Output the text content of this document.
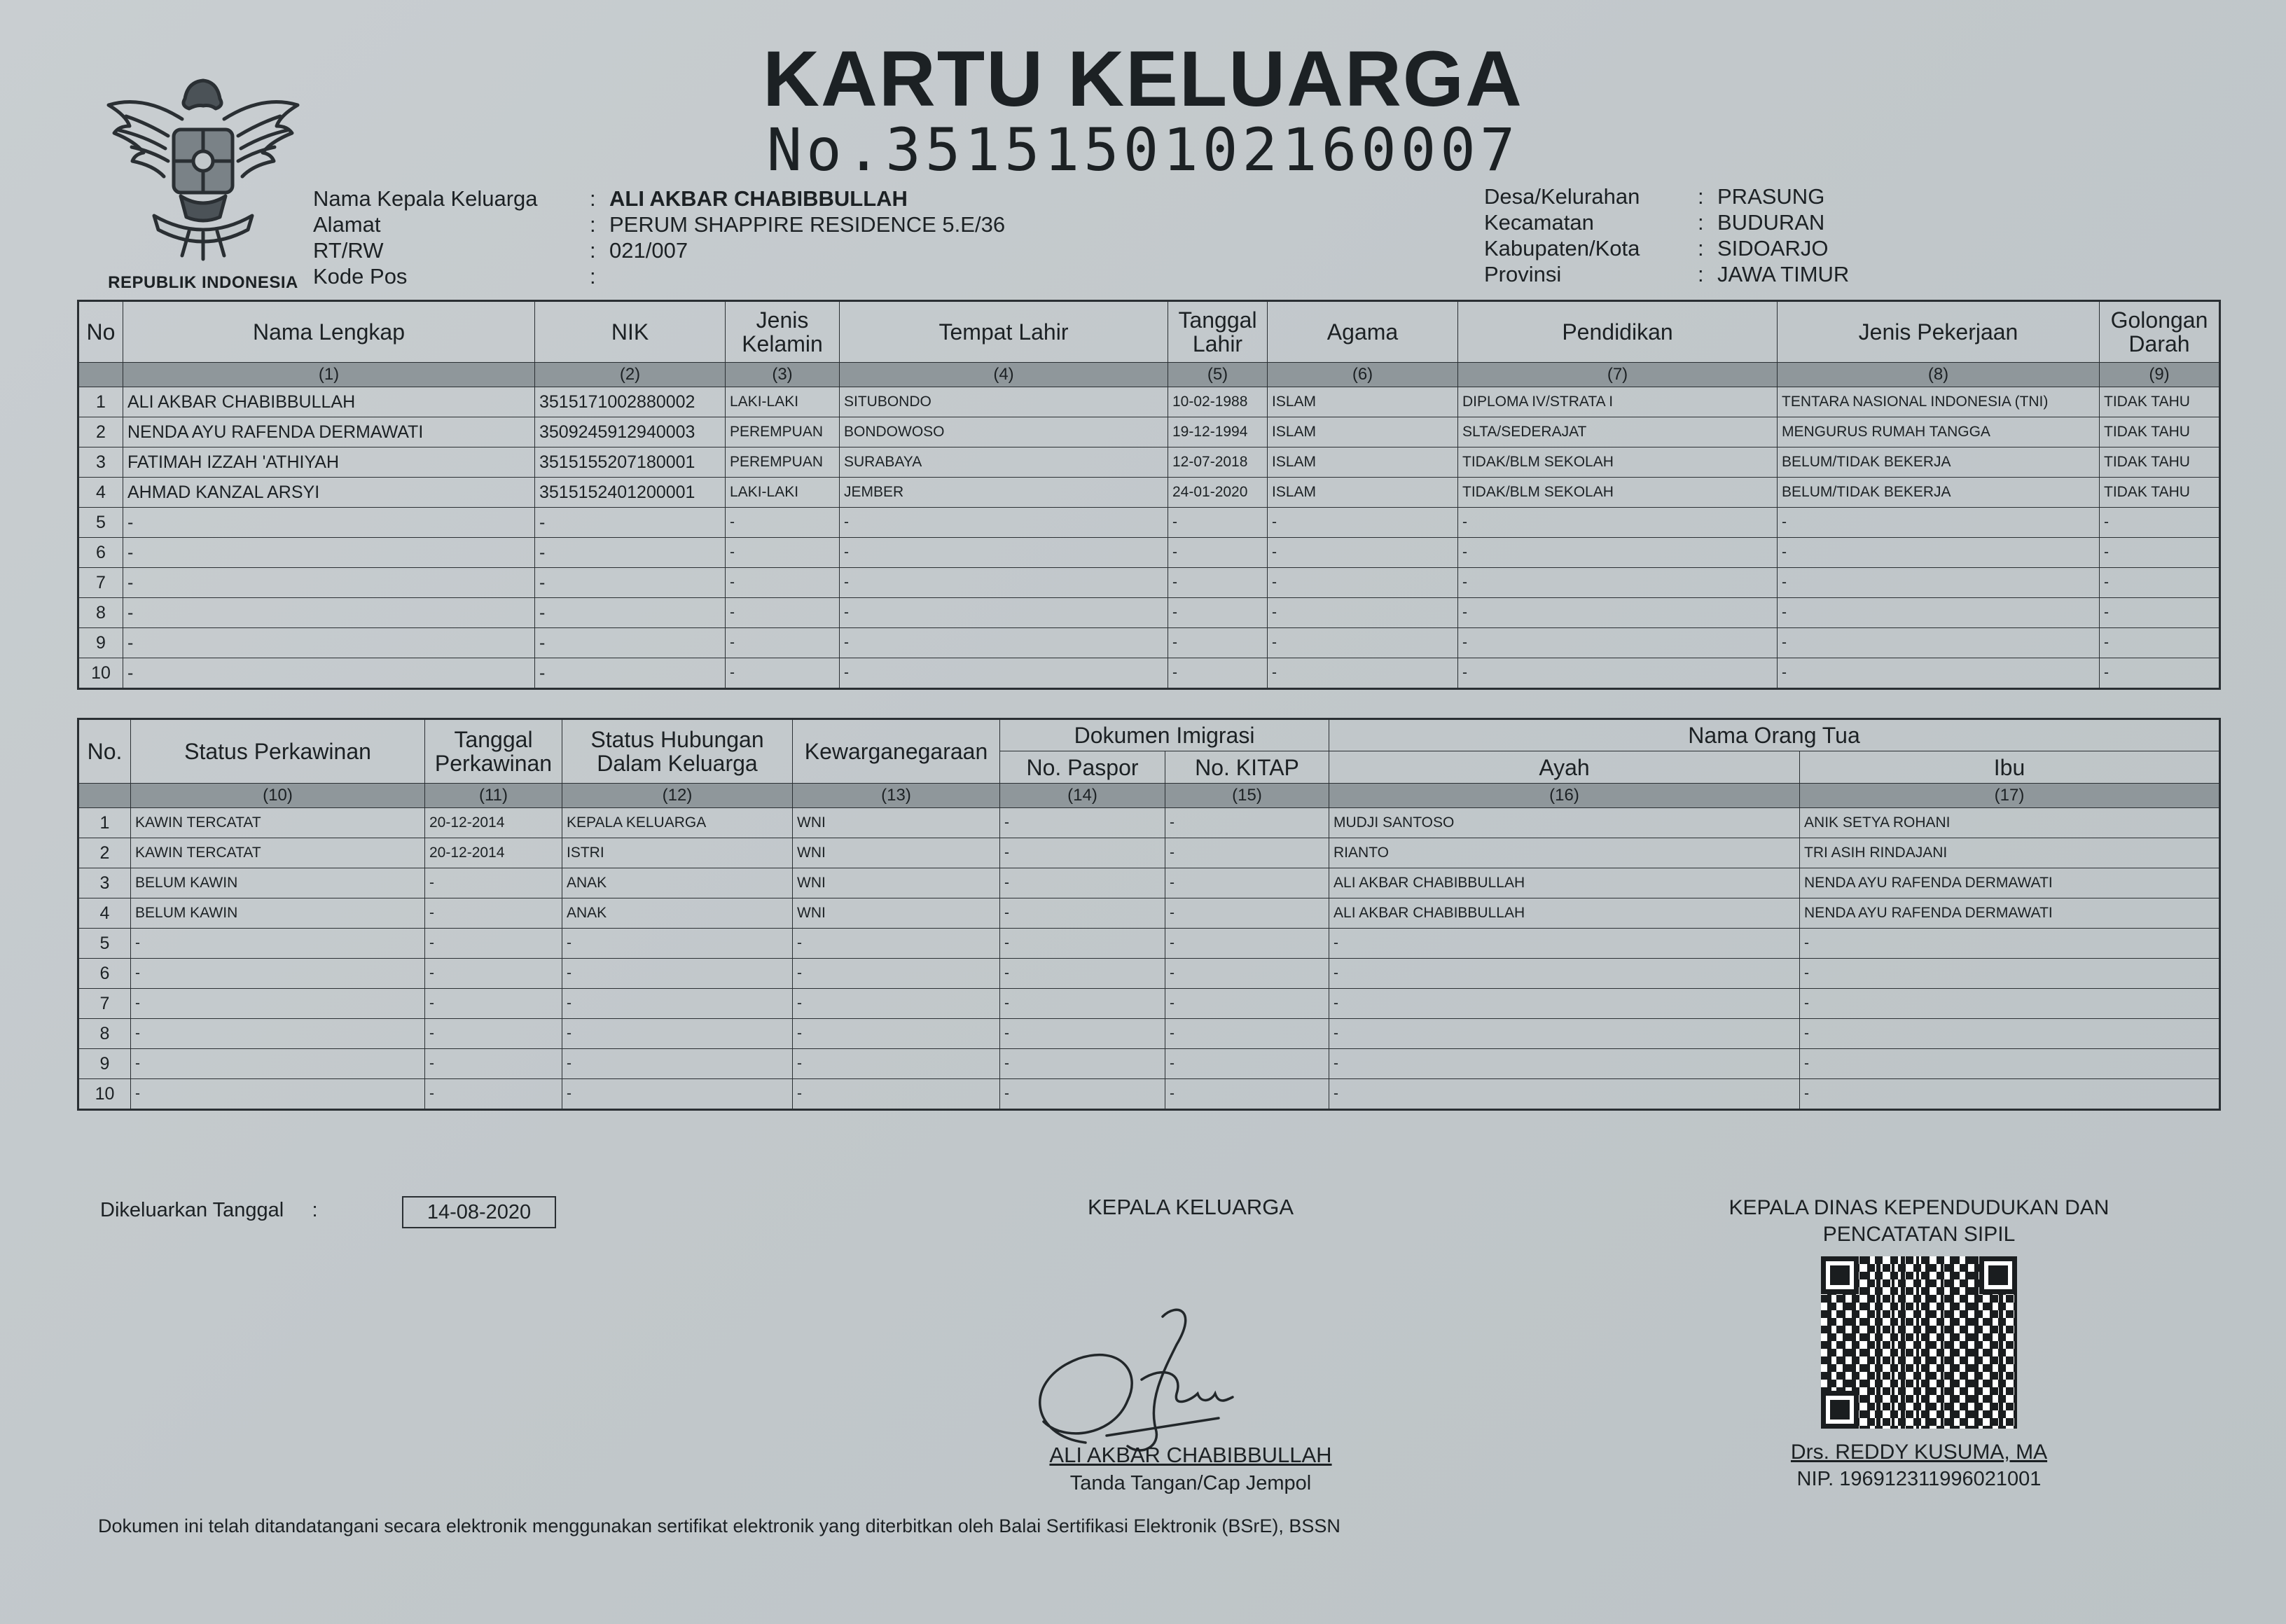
REPUBLIK INDONESIA
KARTU KELUARGA
No.3515150102160007
Nama Kepala Keluarga : ALI AKBAR CHABIBBULLAH
Alamat	: PERUM SHAPPIRE RESIDENCE 5.E/36
RT/RW	: 021/007
Kode Pos	:
Desa/Kelurahan	: PRASUNG
Kecamatan	: BUDURAN
Kabupaten/Kota	: SIDOARJO
Provinsi	: JAWA TIMUR
No	Nama Lengkap	NIK	Jenis Kelamin	Tempat Lahir	Tanggal Lahir	Agama	Pendidikan	Jenis Pekerjaan	Golongan Darah
	(1)	(2)	(3)	(4)	(5)	(6)	(7)	(8)	(9)
1	ALI AKBAR CHABIBBULLAH	3515171002880002	LAKI-LAKI	SITUBONDO	10-02-1988	ISLAM	DIPLOMA IV/STRATA I	TENTARA NASIONAL INDONESIA (TNI)	TIDAK TAHU
2	NENDA AYU RAFENDA DERMAWATI	3509245912940003	PEREMPUAN	BONDOWOSO	19-12-1994	ISLAM	SLTA/SEDERAJAT	MENGURUS RUMAH TANGGA	TIDAK TAHU
3	FATIMAH IZZAH 'ATHIYAH	3515155207180001	PEREMPUAN	SURABAYA	12-07-2018	ISLAM	TIDAK/BLM SEKOLAH	BELUM/TIDAK BEKERJA	TIDAK TAHU
4	AHMAD KANZAL ARSYI	3515152401200001	LAKI-LAKI	JEMBER	24-01-2020	ISLAM	TIDAK/BLM SEKOLAH	BELUM/TIDAK BEKERJA	TIDAK TAHU
5	-	-	-	-	-	-	-	-	-
6	-	-	-	-	-	-	-	-	-
7	-	-	-	-	-	-	-	-	-
8	-	-	-	-	-	-	-	-	-
9	-	-	-	-	-	-	-	-	-
10	-	-	-	-	-	-	-	-	-
No.	Status Perkawinan	Tanggal Perkawinan	Status Hubungan Dalam Keluarga	Kewarganegaraan	Dokumen Imigrasi		Nama Orang Tua	
					No. Paspor	No. KITAP	Ayah	Ibu
	(10)	(11)	(12)	(13)	(14)	(15)	(16)	(17)
1	KAWIN TERCATAT	20-12-2014	KEPALA KELUARGA	WNI	-	-	MUDJI SANTOSO	ANIK SETYA ROHANI
2	KAWIN TERCATAT	20-12-2014	ISTRI	WNI	-	-	RIANTO	TRI ASIH RINDAJANI
3	BELUM KAWIN	-	ANAK	WNI	-	-	ALI AKBAR CHABIBBULLAH	NENDA AYU RAFENDA DERMAWATI
4	BELUM KAWIN	-	ANAK	WNI	-	-	ALI AKBAR CHABIBBULLAH	NENDA AYU RAFENDA DERMAWATI
5	-	-	-	-	-	-	-	-
6	-	-	-	-	-	-	-	-
7	-	-	-	-	-	-	-	-
8	-	-	-	-	-	-	-	-
9	-	-	-	-	-	-	-	-
10	-	-	-	-	-	-	-	-
Dikeluarkan Tanggal :	14-08-2020	KEPALA KELUARGA
ALI AKBAR CHABIBBULLAH
Tanda Tangan/Cap Jempol
KEPALA DINAS KEPENDUDUKAN DAN
PENCATATAN SIPIL
Drs. REDDY KUSUMA, MA
NIP. 196912311996021001
Dokumen ini telah ditandatangani secara elektronik menggunakan sertifikat elektronik yang diterbitkan oleh Balai Sertifikasi Elektronik (BSrE), BSSN
